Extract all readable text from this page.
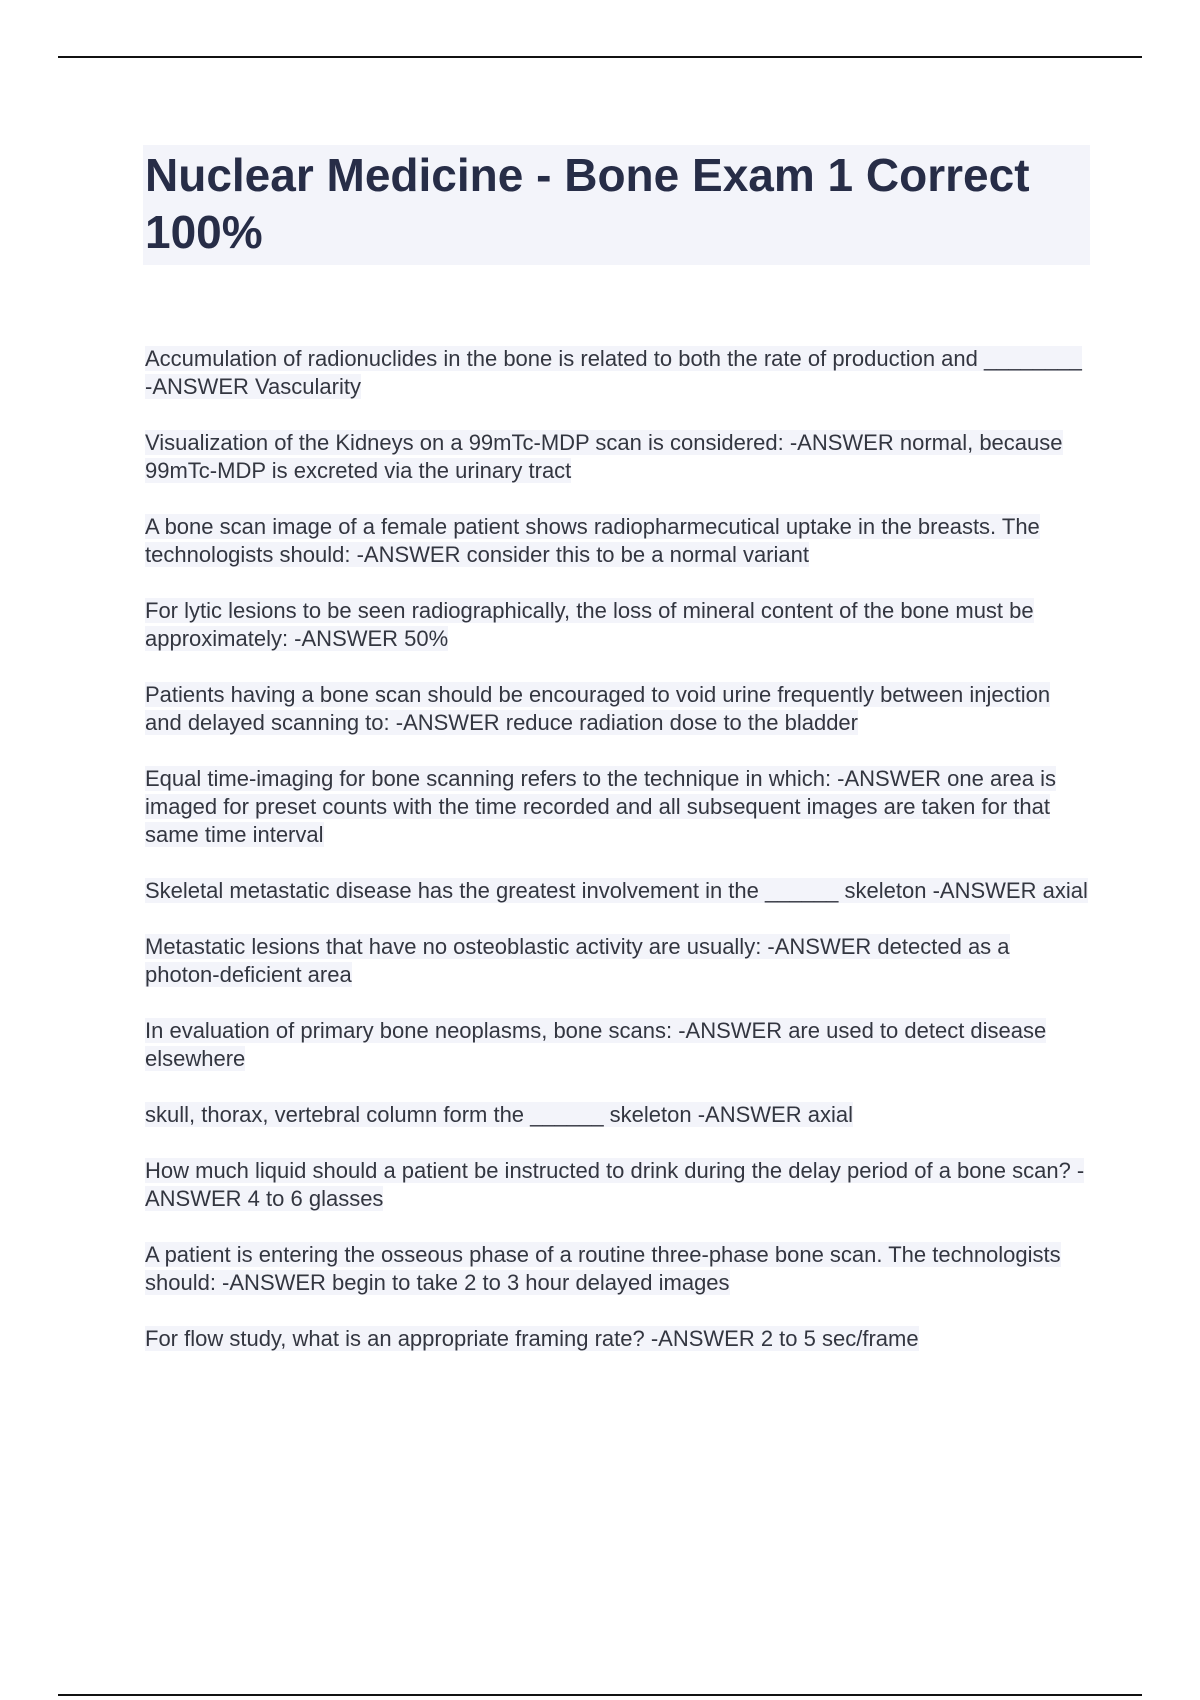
Nuclear Medicine - Bone Exam 1 Correct 100%
Accumulation of radionuclides in the bone is related to both the rate of production and ________ -ANSWER Vascularity
Visualization of the Kidneys on a 99mTc-MDP scan is considered: -ANSWER normal, because 99mTc-MDP is excreted via the urinary tract
A bone scan image of a female patient shows radiopharmecutical uptake in the breasts. The technologists should: -ANSWER consider this to be a normal variant
For lytic lesions to be seen radiographically, the loss of mineral content of the bone must be approximately: -ANSWER 50%
Patients having a bone scan should be encouraged to void urine frequently between injection and delayed scanning to: -ANSWER reduce radiation dose to the bladder
Equal time-imaging for bone scanning refers to the technique in which: -ANSWER one area is imaged for preset counts with the time recorded and all subsequent images are taken for that same time interval
Skeletal metastatic disease has the greatest involvement in the ______ skeleton -ANSWER axial
Metastatic lesions that have no osteoblastic activity are usually: -ANSWER detected as a photon-deficient area
In evaluation of primary bone neoplasms, bone scans: -ANSWER are used to detect disease elsewhere
skull, thorax, vertebral column form the ______ skeleton -ANSWER axial
How much liquid should a patient be instructed to drink during the delay period of a bone scan? -ANSWER 4 to 6 glasses
A patient is entering the osseous phase of a routine three-phase bone scan. The technologists should: -ANSWER begin to take 2 to 3 hour delayed images
For flow study, what is an appropriate framing rate? -ANSWER 2 to 5 sec/frame
